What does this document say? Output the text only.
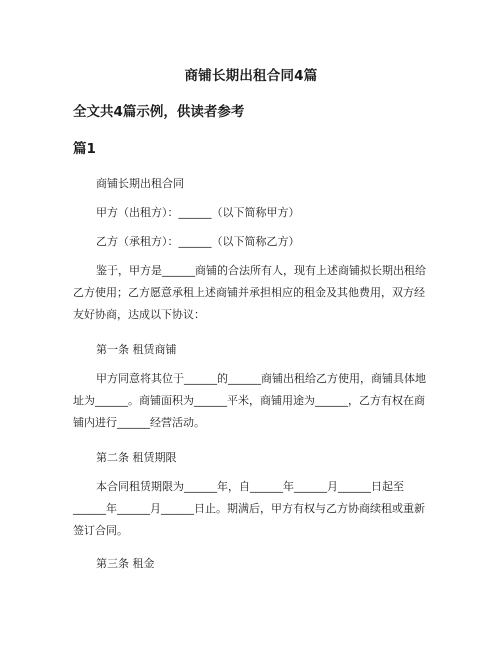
商铺长期出租合同4篇
全文共4篇示例，供读者参考
篇1

商铺长期出租合同

甲方（出租方）：______（以下简称甲方）

乙方（承租方）：______（以下简称乙方）

鉴于，甲方是______商铺的合法所有人，现有上述商铺拟长期出租给乙方使用；乙方愿意承租上述商铺并承担相应的租金及其他费用，双方经友好协商，达成以下协议：

第一条 租赁商铺

甲方同意将其位于______的______商铺出租给乙方使用，商铺具体地址为______。商铺面积为______平米，商铺用途为______，乙方有权在商铺内进行______经营活动。

第二条 租赁期限

本合同租赁期限为______年，自______年______月______日起至______年______月______日止。期满后，甲方有权与乙方协商续租或重新签订合同。

第三条 租金
